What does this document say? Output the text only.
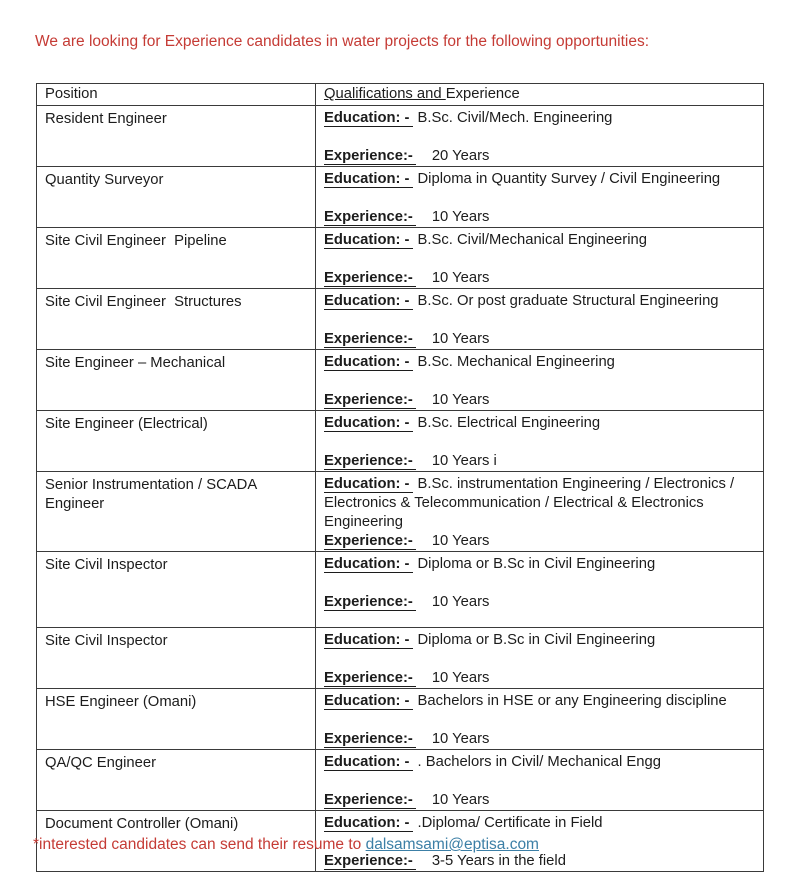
We are looking for Experience candidates in water projects for the following opportunities:
Position	Qualifications and Experience
Resident Engineer	Education: - B.Sc. Civil/Mech. Engineering
Experience:- 20 Years

Quantity Surveyor	Education: - Diploma in Quantity Survey / Civil Engineering
Experience:- 10 Years

Site Civil Engineer  Pipeline	Education: - B.Sc. Civil/Mechanical Engineering
Experience:- 10 Years

Site Civil Engineer  Structures	Education: - B.Sc. Or post graduate Structural Engineering
Experience:- 10 Years

Site Engineer – Mechanical	Education: - B.Sc. Mechanical Engineering
Experience:- 10 Years

Site Engineer (Electrical)	Education: - B.Sc. Electrical Engineering
Experience:- 10 Years i

Senior Instrumentation / SCADA Engineer	Education: - B.Sc. instrumentation Engineering / Electronics / Electronics & Telecommunication / Electrical & Electronics Engineering
Experience:- 10 Years

Site Civil Inspector	Education: - Diploma or B.Sc in Civil Engineering
Experience:- 10 Years

Site Civil Inspector	Education: - Diploma or B.Sc in Civil Engineering
Experience:- 10 Years

HSE Engineer (Omani)	Education: - Bachelors in HSE or any Engineering discipline
Experience:- 10 Years

QA/QC Engineer	Education: - . Bachelors in Civil/ Mechanical Engg
Experience:- 10 Years

Document Controller (Omani)	Education: - .Diploma/ Certificate in Field
Experience:- 3-5 Years in the field
*interested candidates can send their resume to dalsamsami@eptisa.com
